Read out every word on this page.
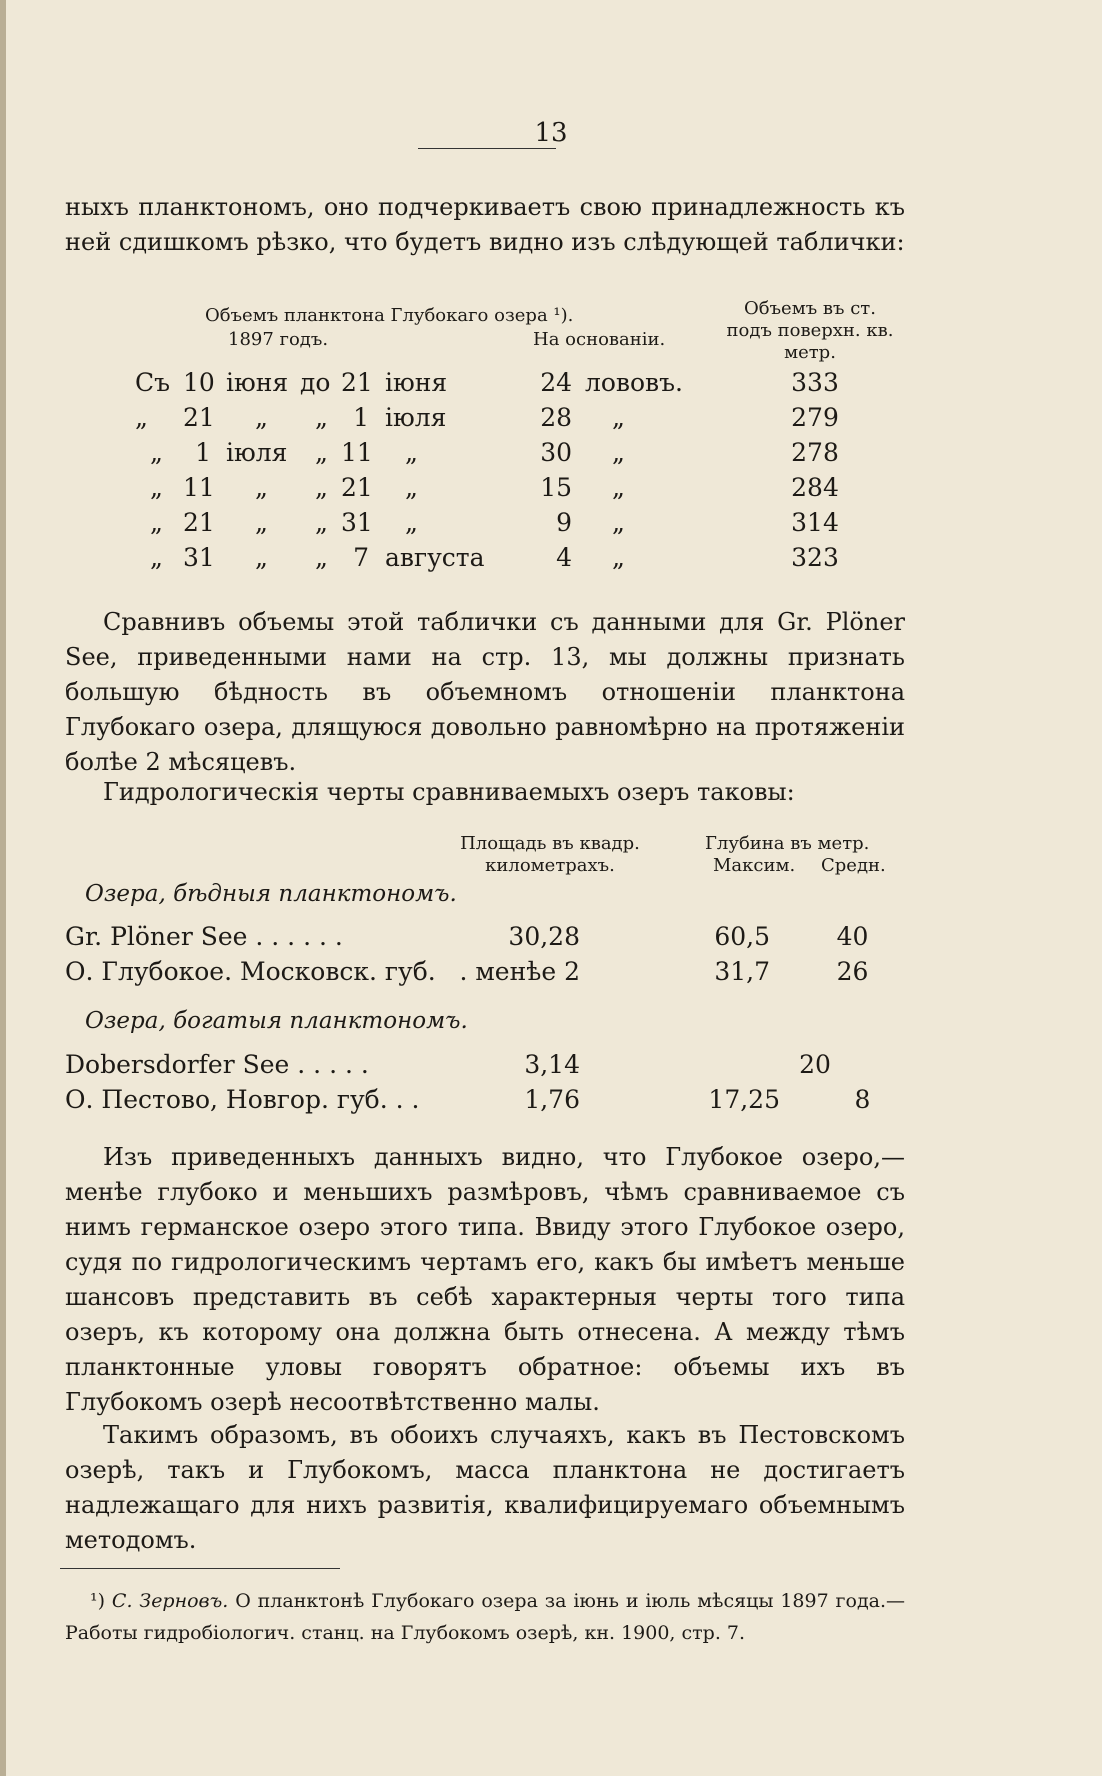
13
ныхъ планктономъ, оно подчеркиваетъ свою принадлежность къ ней сдишкомъ рѣзко, что будетъ видно изъ слѣдующей таблички:
Объемъ планктона Глубокаго озера ¹).
1897 годъ.	На основаніи.
Объемъ въ ст.
подъ поверхн. кв.
метр.
Съ 10 іюня до 21 іюня	24 лововъ.	333
„ 21 „ „	1 іюля	28 „	279
„	1 іюля „ 11 „	30 „	278
„ 11 „ „ 21 „	15 „	284
„ 21 „ „ 31 „	9 „	314
„ 31 „ „	7 августа	4 „	323
Сравнивъ объемы этой таблички съ данными для Gr. Plöner See, приведенными нами на стр. 13, мы должны признать большую бѣдность въ объемномъ отношеніи планктона Глубокаго озера, длящуюся довольно равномѣрно на протяженіи болѣе 2 мѣсяцевъ.
Гидрологическія черты сравниваемыхъ озеръ таковы:
Площадь въ квадр.
километрахъ.
Глубина въ метр.
Максим. Средн.
Озера, бѣдныя планктономъ.
Gr. Plöner See . . . . . .	30,28	60,5	40
О. Глубокое. Московск. губ. . менѣе 2	31,7	26
Озера, богатыя планктономъ.
Dobersdorfer See . . . . .	3,14	20
О. Пестово, Новгор. губ. . .	1,76	17,25	8
Изъ приведенныхъ данныхъ видно, что Глубокое озеро,— менѣе глубоко и меньшихъ размѣровъ, чѣмъ сравниваемое съ нимъ германское озеро этого типа. Ввиду этого Глубокое озеро, судя по гидрологическимъ чертамъ его, какъ бы имѣетъ меньше шансовъ представить въ себѣ характерныя черты того типа озеръ, къ которому она должна быть отнесена. А между тѣмъ планктонные уловы говорятъ обратное: объемы ихъ въ Глубокомъ озерѣ несоотвѣтственно малы.
Такимъ образомъ, въ обоихъ случаяхъ, какъ въ Пестовскомъ озерѣ, такъ и Глубокомъ, масса планктона не достигаетъ надлежащаго для нихъ развитія, квалифицируемаго объемнымъ методомъ.
¹) С. Зерновъ. О планктонѣ Глубокаго озера за іюнь и іюль мѣсяцы 1897 года.—Работы гидробіологич. станц. на Глубокомъ озерѣ, кн. 1900, стр. 7.
